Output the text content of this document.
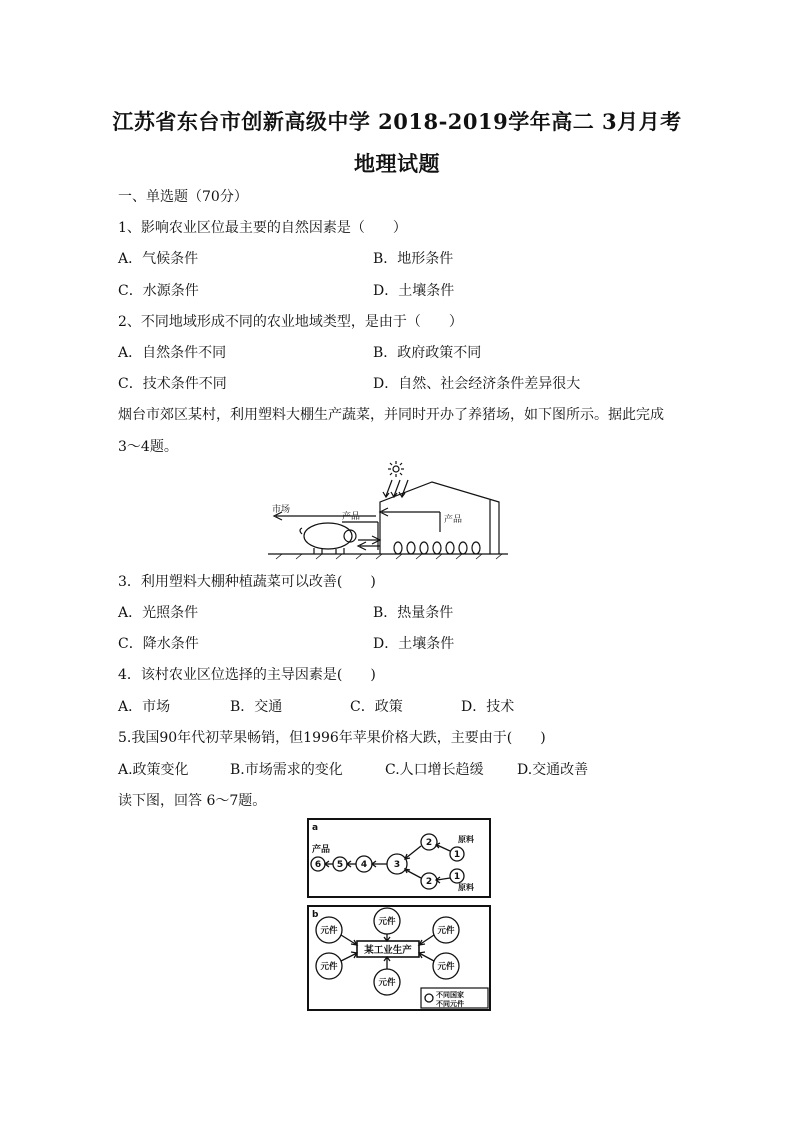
江苏省东台市创新高级中学 2018-2019学年高二 3月月考
地理试题
一、单选题（70分）
1、影响农业区位最主要的自然因素是（　　）
A．气候条件	B．地形条件
C．水源条件	D．土壤条件
2、不同地域形成不同的农业地域类型，是由于（　　）
A．自然条件不同	B．政府政策不同
C．技术条件不同	D．自然、社会经济条件差异很大
烟台市郊区某村，利用塑料大棚生产蔬菜，并同时开办了养猪场，如下图所示。据此完成
3～4题。
市场
产品	产品
3．利用塑料大棚种植蔬菜可以改善(　　)
A．光照条件	B．热量条件
C．降水条件	D．土壤条件
4．该村农业区位选择的主导因素是(　　)
A．市场	B．交通	C．政策	D．技术
5.我国90年代初苹果畅销，但1996年苹果价格大跌，主要由于(　　)
A.政策变化	B.市场需求的变化	C.人口增长趋缓 D.交通改善
读下图，回答 6～7题。
a
产品
原料
原料
6 5 4	3
2
1
2 1
b
某工业生产
元件
元件
元件
元件
元件
元件
不同国家
不同元件
